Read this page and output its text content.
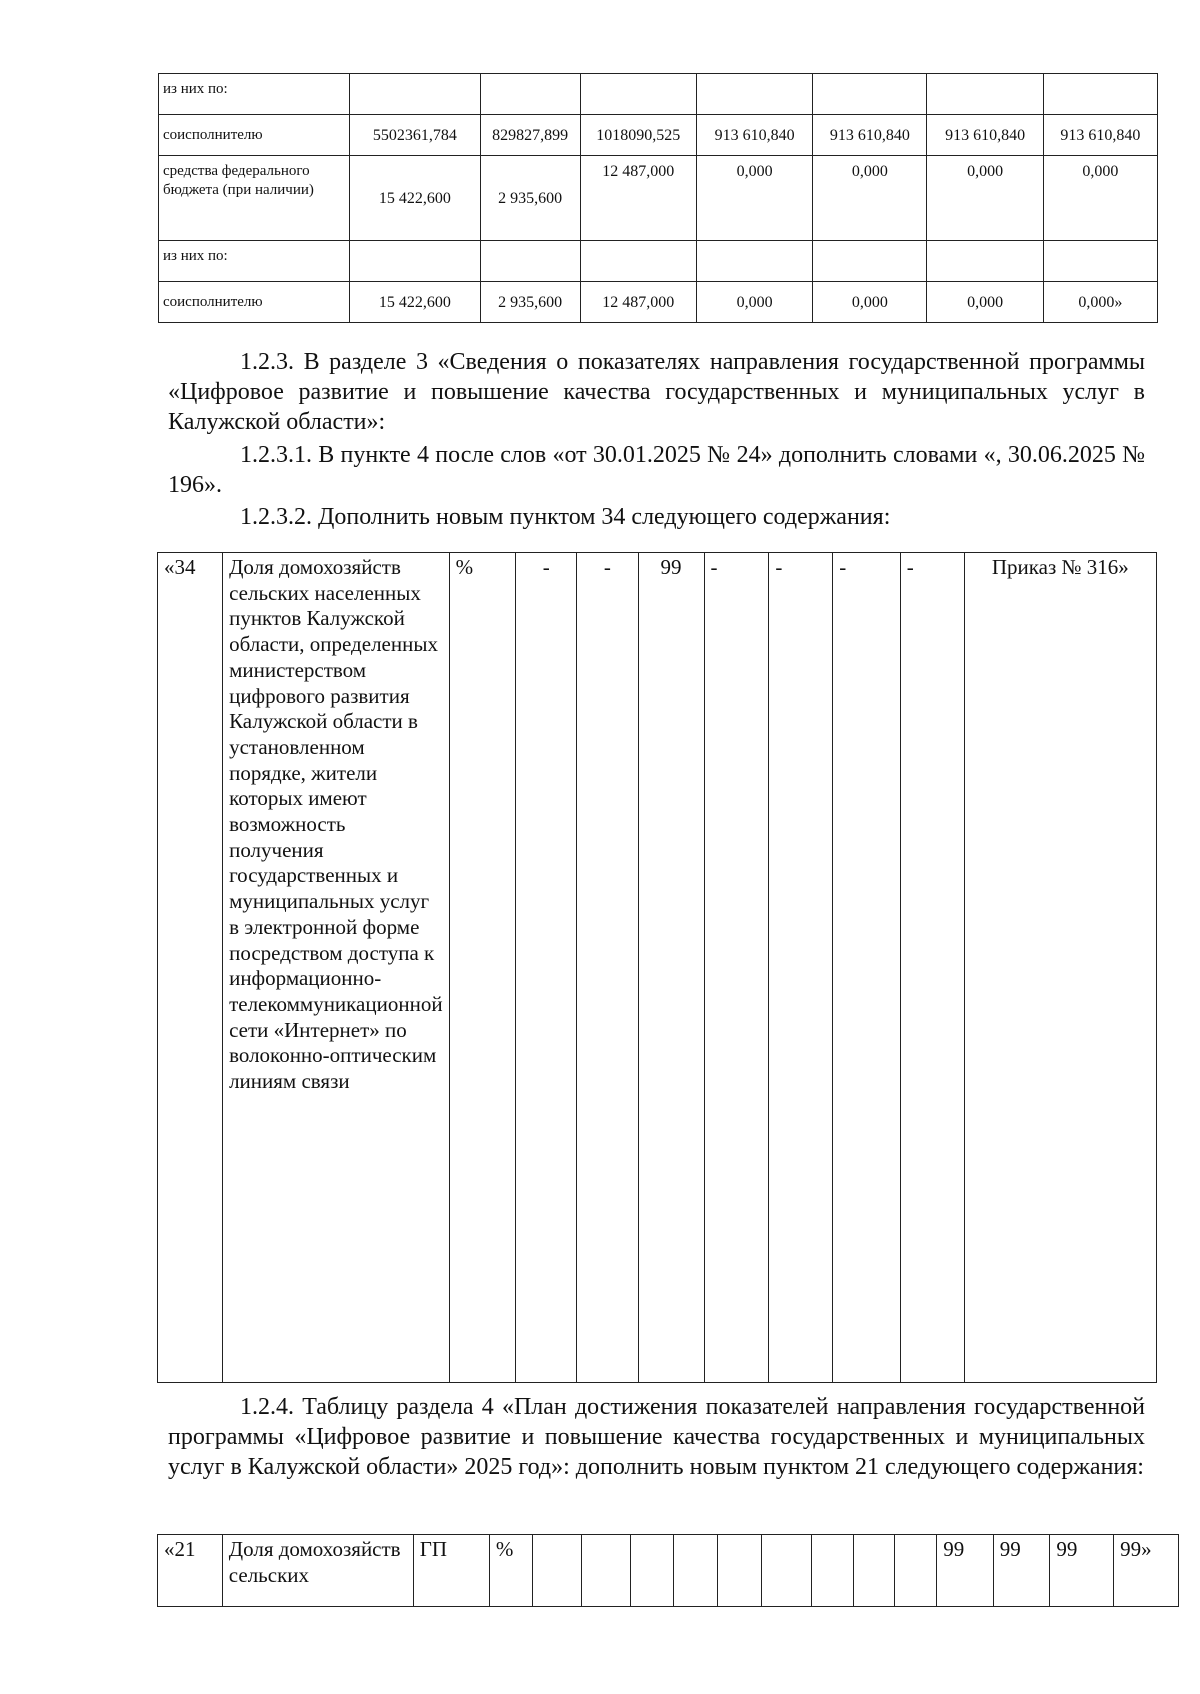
из них по:							
соисполнителю	5502361,784	829827,899	1018090,525	913 610,840	913 610,840	913 610,840	913 610,840
средства федерального бюджета (при наличии)	15 422,600	2 935,600	12 487,000	0,000	0,000	0,000	0,000
из них по:							
соисполнителю	15 422,600	2 935,600	12 487,000	0,000	0,000	0,000	0,000»

1.2.3. В разделе 3 «Сведения о показателях направления государственной программы «Цифровое развитие и повышение качества государственных и муниципальных услуг в Калужской области»:

1.2.3.1. В пункте 4 после слов «от 30.01.2025 № 24» дополнить словами «, 30.06.2025 № 196».

1.2.3.2. Дополнить новым пунктом 34 следующего содержания:

«34	Доля домохозяйств сельских населенных пунктов Калужской области, определенных министерством цифрового развития Калужской области в установленном порядке, жители которых имеют возможность получения государственных и муниципальных услуг в электронной форме посредством доступа к информационно-телекоммуникационной сети «Интернет» по волоконно-оптическим линиям связи	%	-	-	99	-	-	-	-	Приказ № 316»

1.2.4. Таблицу раздела 4 «План достижения показателей направления государственной программы «Цифровое развитие и повышение качества государственных и муниципальных услуг в Калужской области» 2025 год»: дополнить новым пунктом 21 следующего содержания:

«21	Доля домохозяйств сельских	ГП	%										99	99	99	99»
